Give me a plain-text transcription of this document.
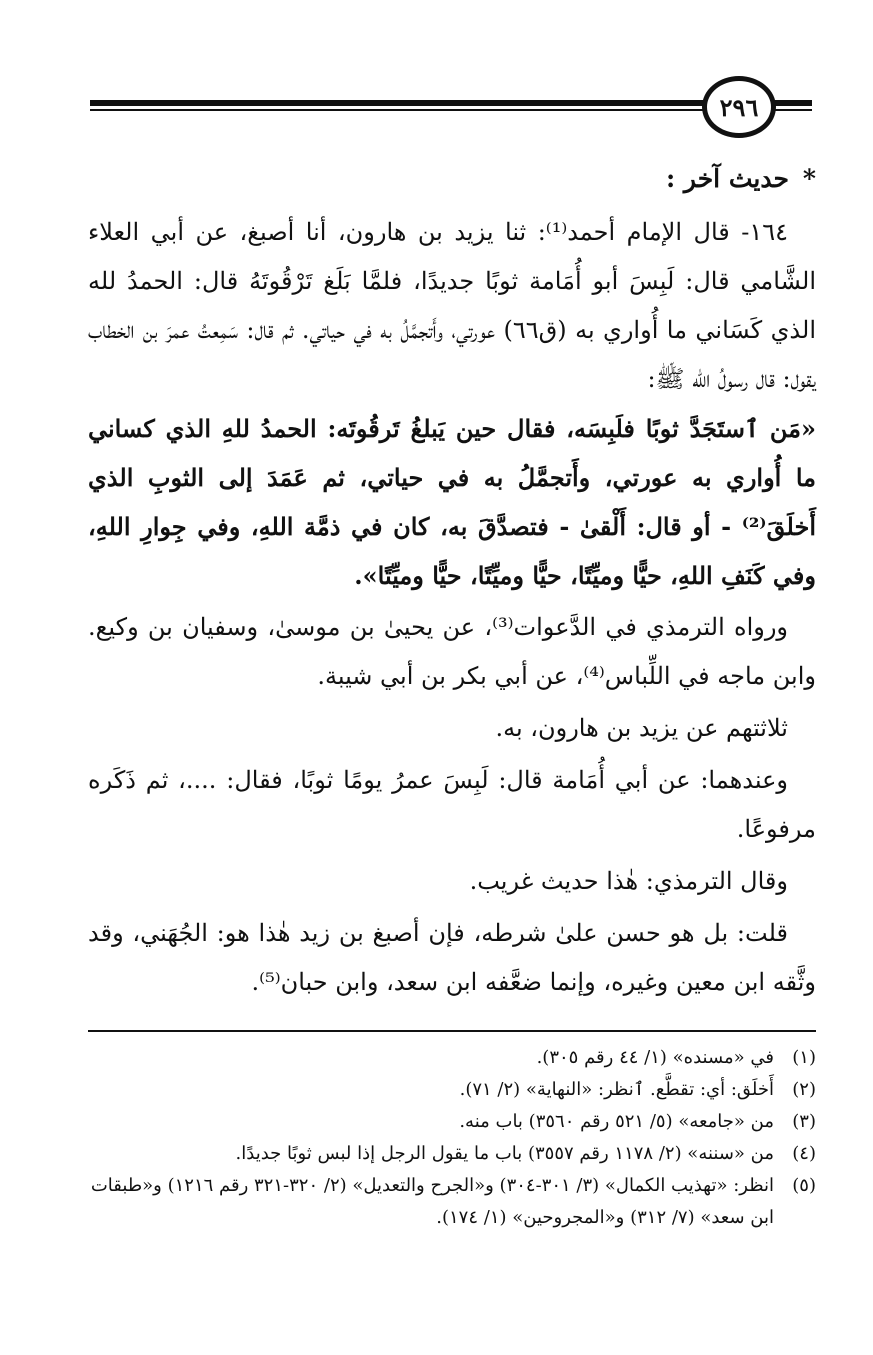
٢٩٦

*حديث آخر :

١٦٤- قال الإمام أحمد⁽¹⁾: ثنا يزيد بن هارون، أنا أصبغ، عن أبي العلاء الشَّامي قال: لَبِسَ أبو أُمَامة ثوبًا جديدًا، فلمَّا بَلَغ تَرْقُوتَهُ قال: الحمدُ لله الذي كَسَاني ما أُواري به (ق٦٦) عورتي، وأَتجمَّلُ به في حياتي. ثم قال: سَمِعتُ عمرَ بن الخطاب يقول: قال رسولُ الله ﷺ:

«مَن ٱستَجَدَّ ثوبًا فلَبِسَه، فقال حين يَبلغُ تَرقُوتَه: الحمدُ للهِ الذي كساني ما أُواري به عورتي، وأَتجمَّلُ به في حياتي، ثم عَمَدَ إلى الثوبِ الذي أَخلَقَ⁽²⁾ - أو قال: أَلْقىٰ - فتصدَّقَ به، كان في ذمَّة اللهِ، وفي جِوارِ اللهِ، وفي كَنَفِ اللهِ، حيًّا وميِّتًا، حيًّا وميِّتًا، حيًّا وميِّتًا».

ورواه الترمذي في الدَّعوات⁽³⁾، عن يحيىٰ بن موسىٰ، وسفيان بن وكيع. وابن ماجه في اللِّباس⁽⁴⁾، عن أبي بكر بن أبي شيبة.

ثلاثتهم عن يزيد بن هارون، به.

وعندهما: عن أبي أُمَامة قال: لَبِسَ عمرُ يومًا ثوبًا، فقال: ....، ثم ذَكَره مرفوعًا.

وقال الترمذي: هٰذا حديث غريب.

قلت: بل هو حسن علىٰ شرطه، فإن أصبغ بن زيد هٰذا هو: الجُهَني، وقد وثَّقه ابن معين وغيره، وإنما ضعَّفه ابن سعد، وابن حبان⁽⁵⁾.

(١)
في «مسنده» (١/ ٤٤ رقم ٣٠٥).
(٢)
أَخلَق: أي: تقطَّع. ٱنظر: «النهاية» (٢/ ٧١).
(٣)
من «جامعه» (٥/ ٥٢١ رقم ٣٥٦٠) باب منه.
(٤)
من «سننه» (٢/ ١١٧٨ رقم ٣٥٥٧) باب ما يقول الرجل إذا لبس ثوبًا جديدًا.
(٥)
انظر: «تهذيب الكمال» (٣/ ٣٠١-٣٠٤) و«الجرح والتعديل» (٢/ ٣٢٠-٣٢١ رقم ١٢١٦) و«طبقات ابن سعد» (٧/ ٣١٢) و«المجروحين» (١/ ١٧٤).
